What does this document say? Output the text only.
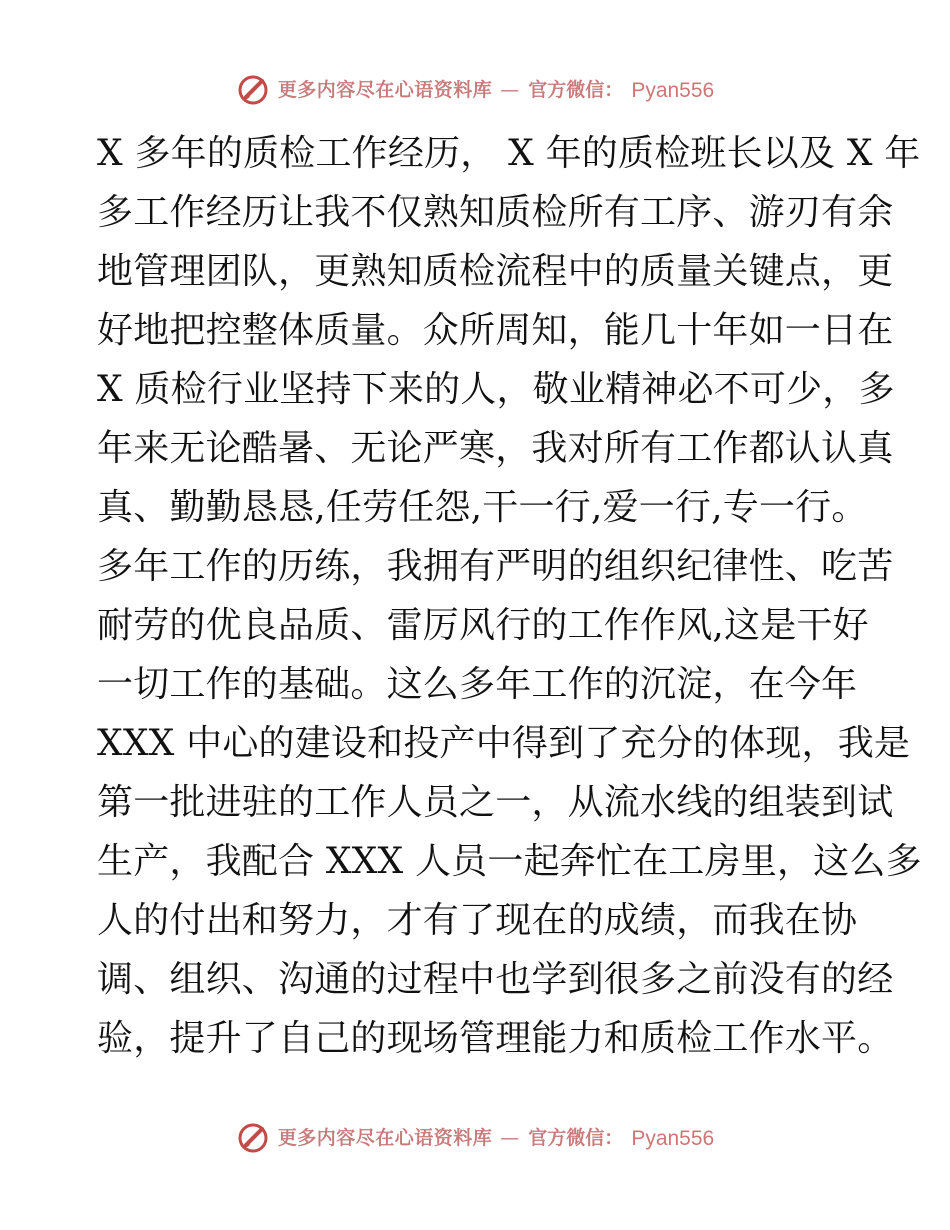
更多内容尽在心语资料库 — 官方微信： Pyan556
X 多年的质检工作经历， X 年的质检班长以及 X 年
多工作经历让我不仅熟知质检所有工序、游刃有余
地管理团队，更熟知质检流程中的质量关键点，更
好地把控整体质量。众所周知，能几十年如一日在
X 质检行业坚持下来的人，敬业精神必不可少，多
年来无论酷暑、无论严寒，我对所有工作都认认真
真、勤勤恳恳,任劳任怨,干一行,爱一行,专一行。
多年工作的历练，我拥有严明的组织纪律性、吃苦
耐劳的优良品质、雷厉风行的工作作风,这是干好
一切工作的基础。这么多年工作的沉淀，在今年
XXX 中心的建设和投产中得到了充分的体现，我是
第一批进驻的工作人员之一，从流水线的组装到试
生产，我配合 XXX 人员一起奔忙在工房里，这么多
人的付出和努力，才有了现在的成绩，而我在协
调、组织、沟通的过程中也学到很多之前没有的经
验，提升了自己的现场管理能力和质检工作水平。
更多内容尽在心语资料库 — 官方微信： Pyan556
